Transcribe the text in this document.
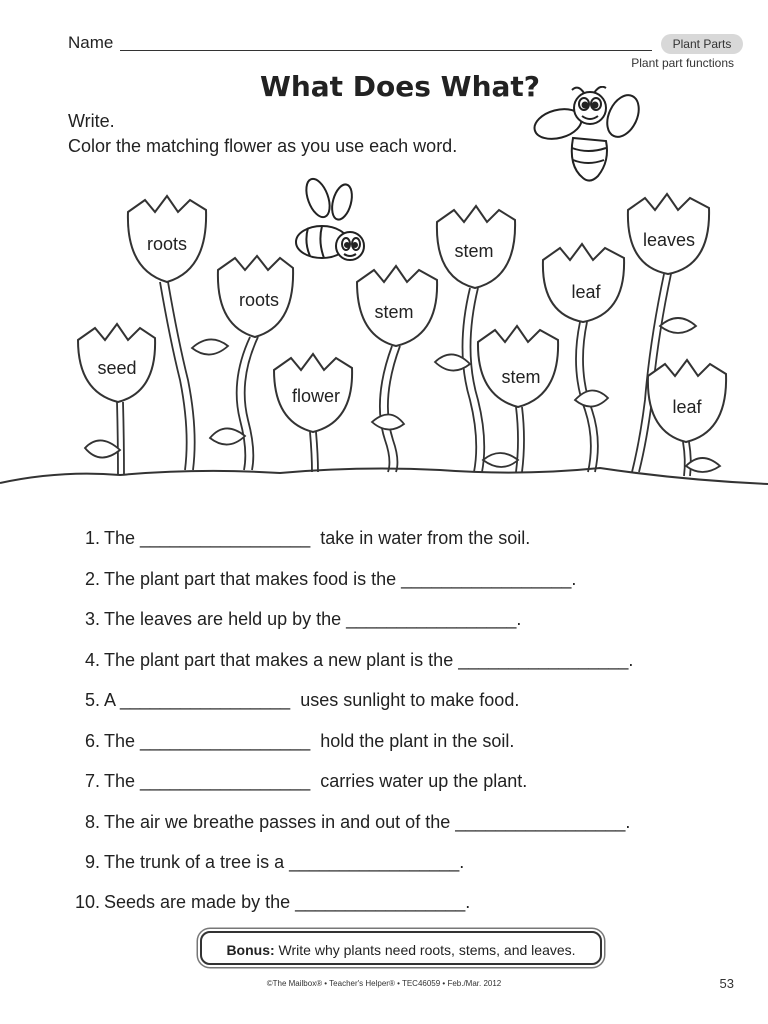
Name	Plant Parts
Plant part functions
What Does What?
Write.
Color the matching flower as you use each word.
roots
roots
seed
flower
stem
stem
stem
leaf
leaves
leaf
1. The _________________  take in water from the soil.
2. The plant part that makes food is the _________________.
3. The leaves are held up by the _________________.
4. The plant part that makes a new plant is the _________________.
5. A _________________  uses sunlight to make food.
6. The _________________  hold the plant in the soil.
7. The _________________  carries water up the plant.
8. The air we breathe passes in and out of the _________________.
9. The trunk of a tree is a _________________.
10. Seeds are made by the _________________.
Bonus: Write why plants need roots, stems, and leaves.
©The Mailbox® • Teacher's Helper® • TEC46059 • Feb./Mar. 2012	53
